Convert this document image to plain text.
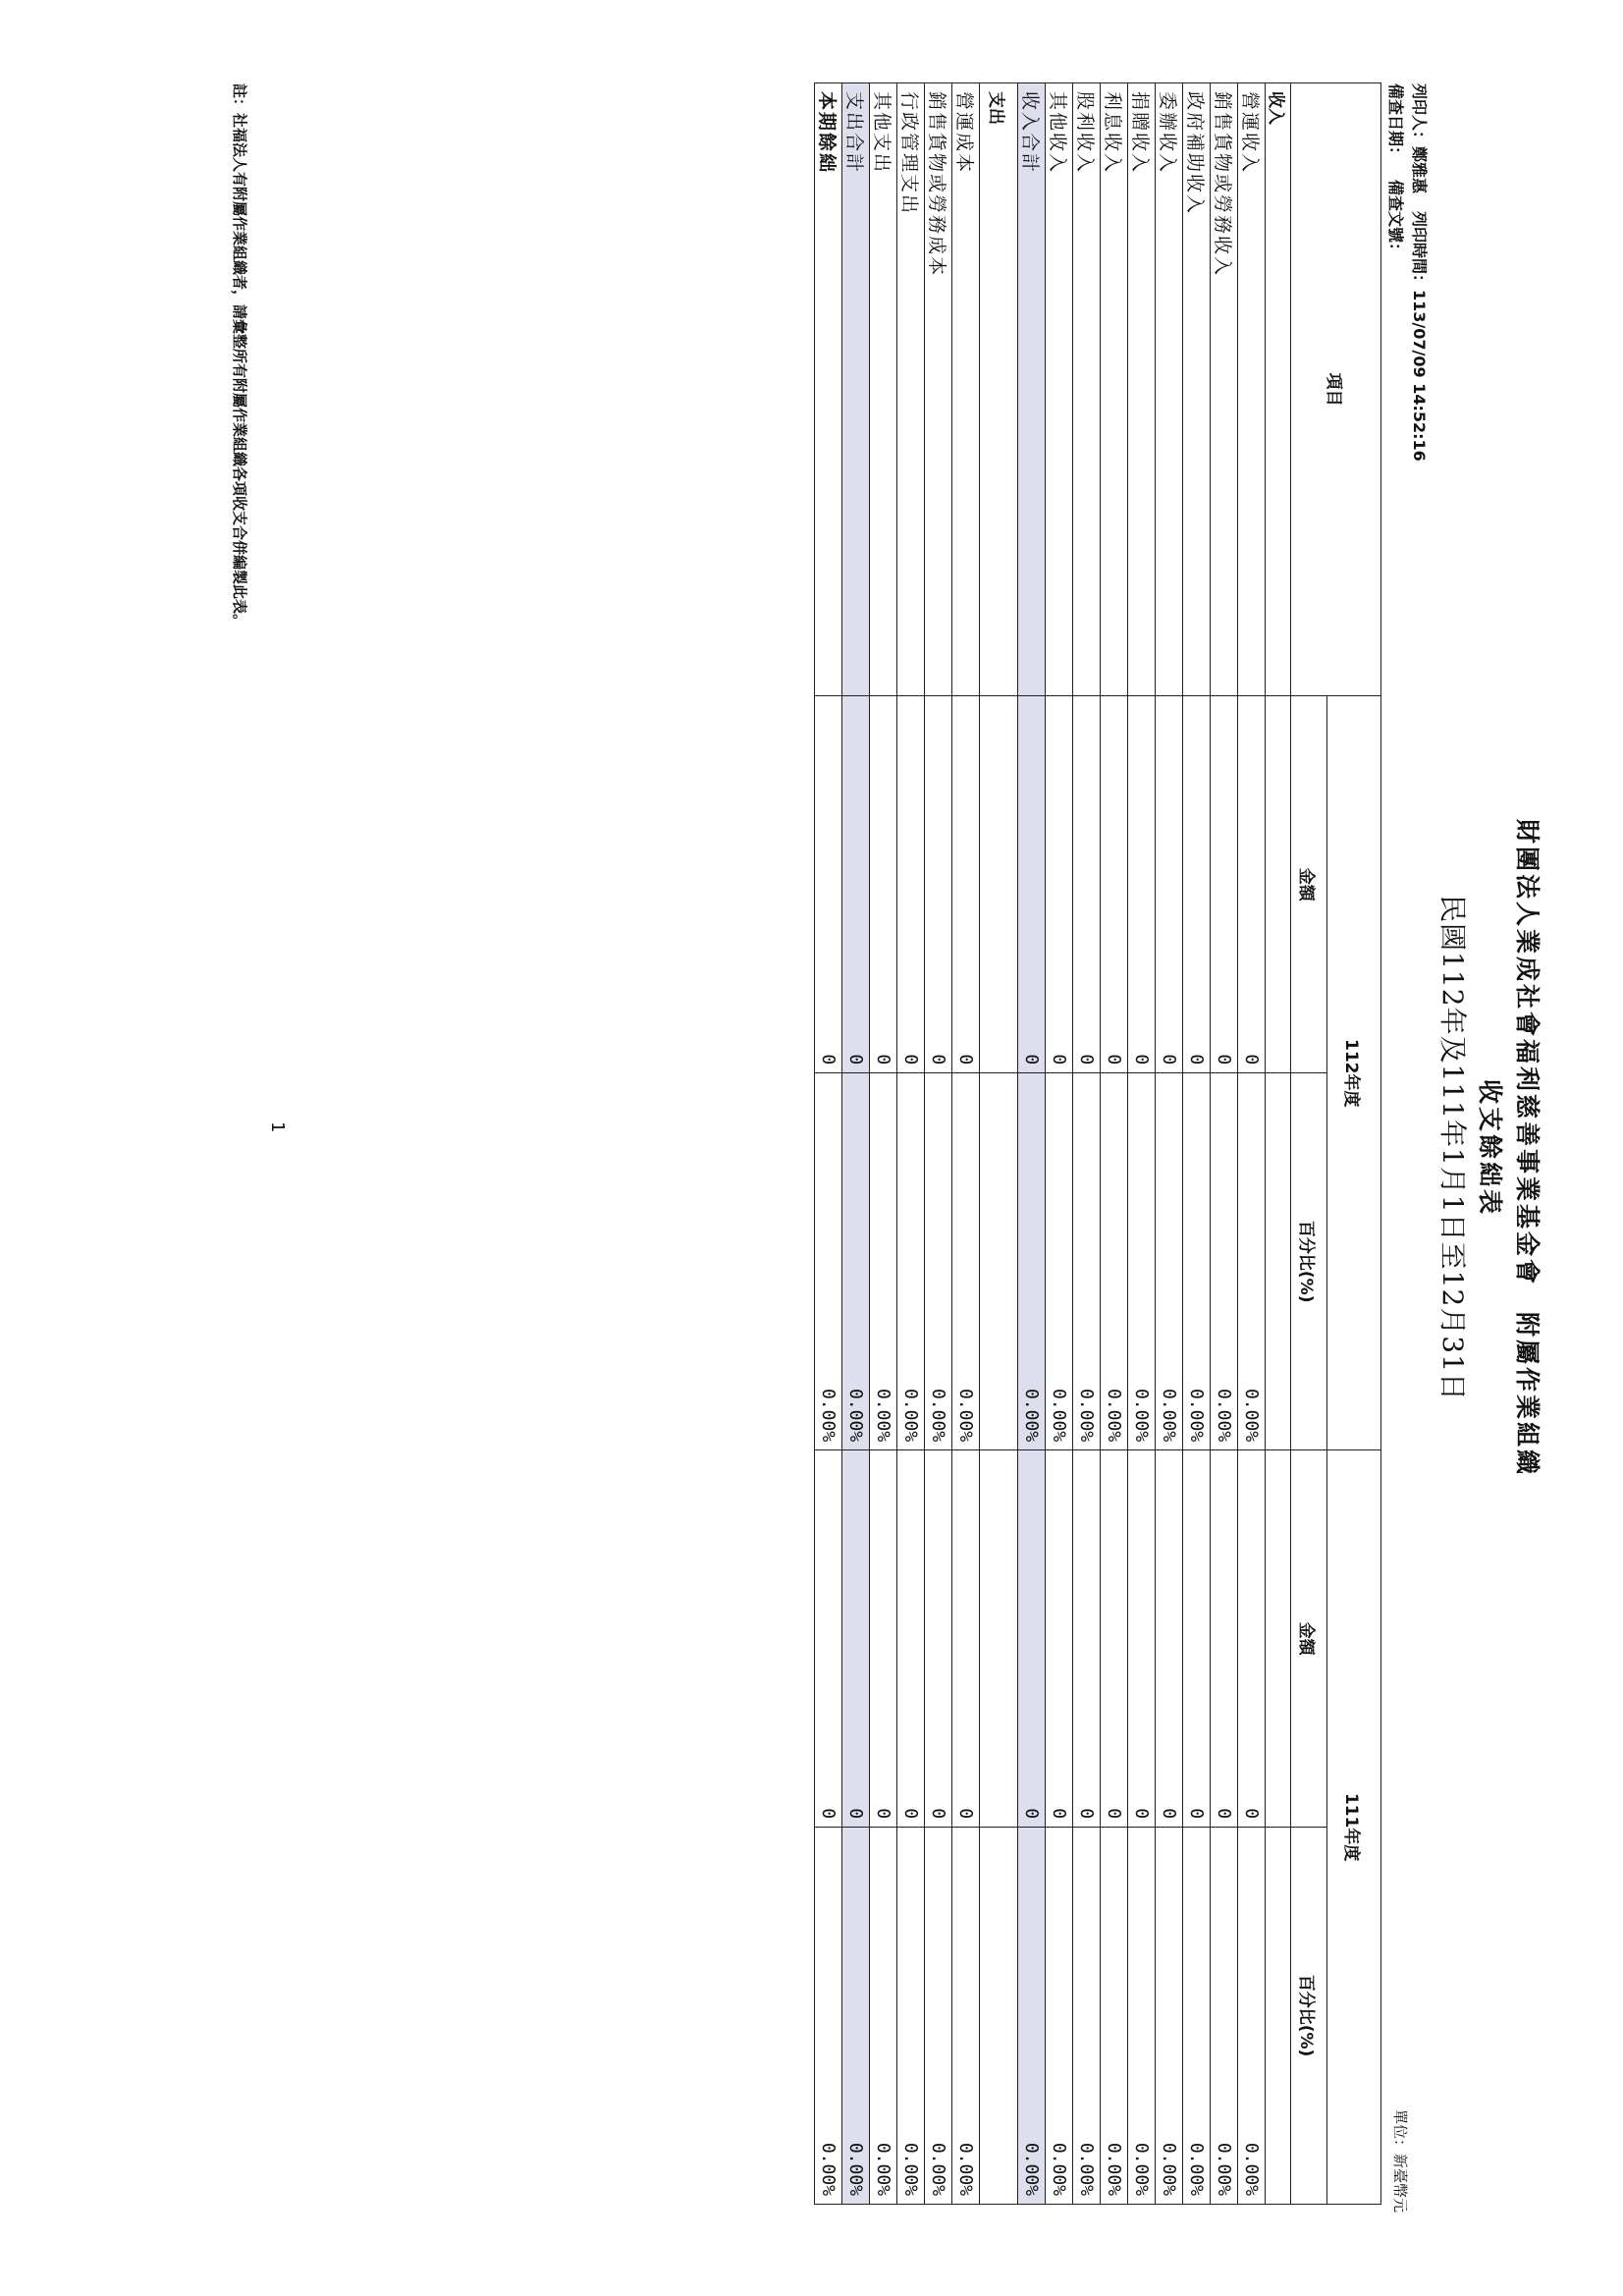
財團法人業成社會福利慈善事業基金會附屬作業組織
收支餘絀表
民國112年及111年1月1日至12月31日
列印人：鄭雅惠列印時間：113/07/09 14:52:16
備查日期：備查文號：
單位：新臺幣元
項目	112年度		111年度	
	金額	百分比(%)	金額	百分比(%)
收入				
營運收入	0	0.00%	0	0.00%
銷售貨物或勞務收入	0	0.00%	0	0.00%
政府補助收入	0	0.00%	0	0.00%
委辦收入	0	0.00%	0	0.00%
捐贈收入	0	0.00%	0	0.00%
利息收入	0	0.00%	0	0.00%
股利收入	0	0.00%	0	0.00%
其他收入	0	0.00%	0	0.00%
收入合計	0	0.00%	0	0.00%
支出				
營運成本	0	0.00%	0	0.00%
銷售貨物或勞務成本	0	0.00%	0	0.00%
行政管理支出	0	0.00%	0	0.00%
其他支出	0	0.00%	0	0.00%
支出合計	0	0.00%	0	0.00%
本期餘絀	0	0.00%	0	0.00%
1
註：社福法人有附屬作業組織者，請彙整所有附屬作業組織各項收支合併編製此表。
